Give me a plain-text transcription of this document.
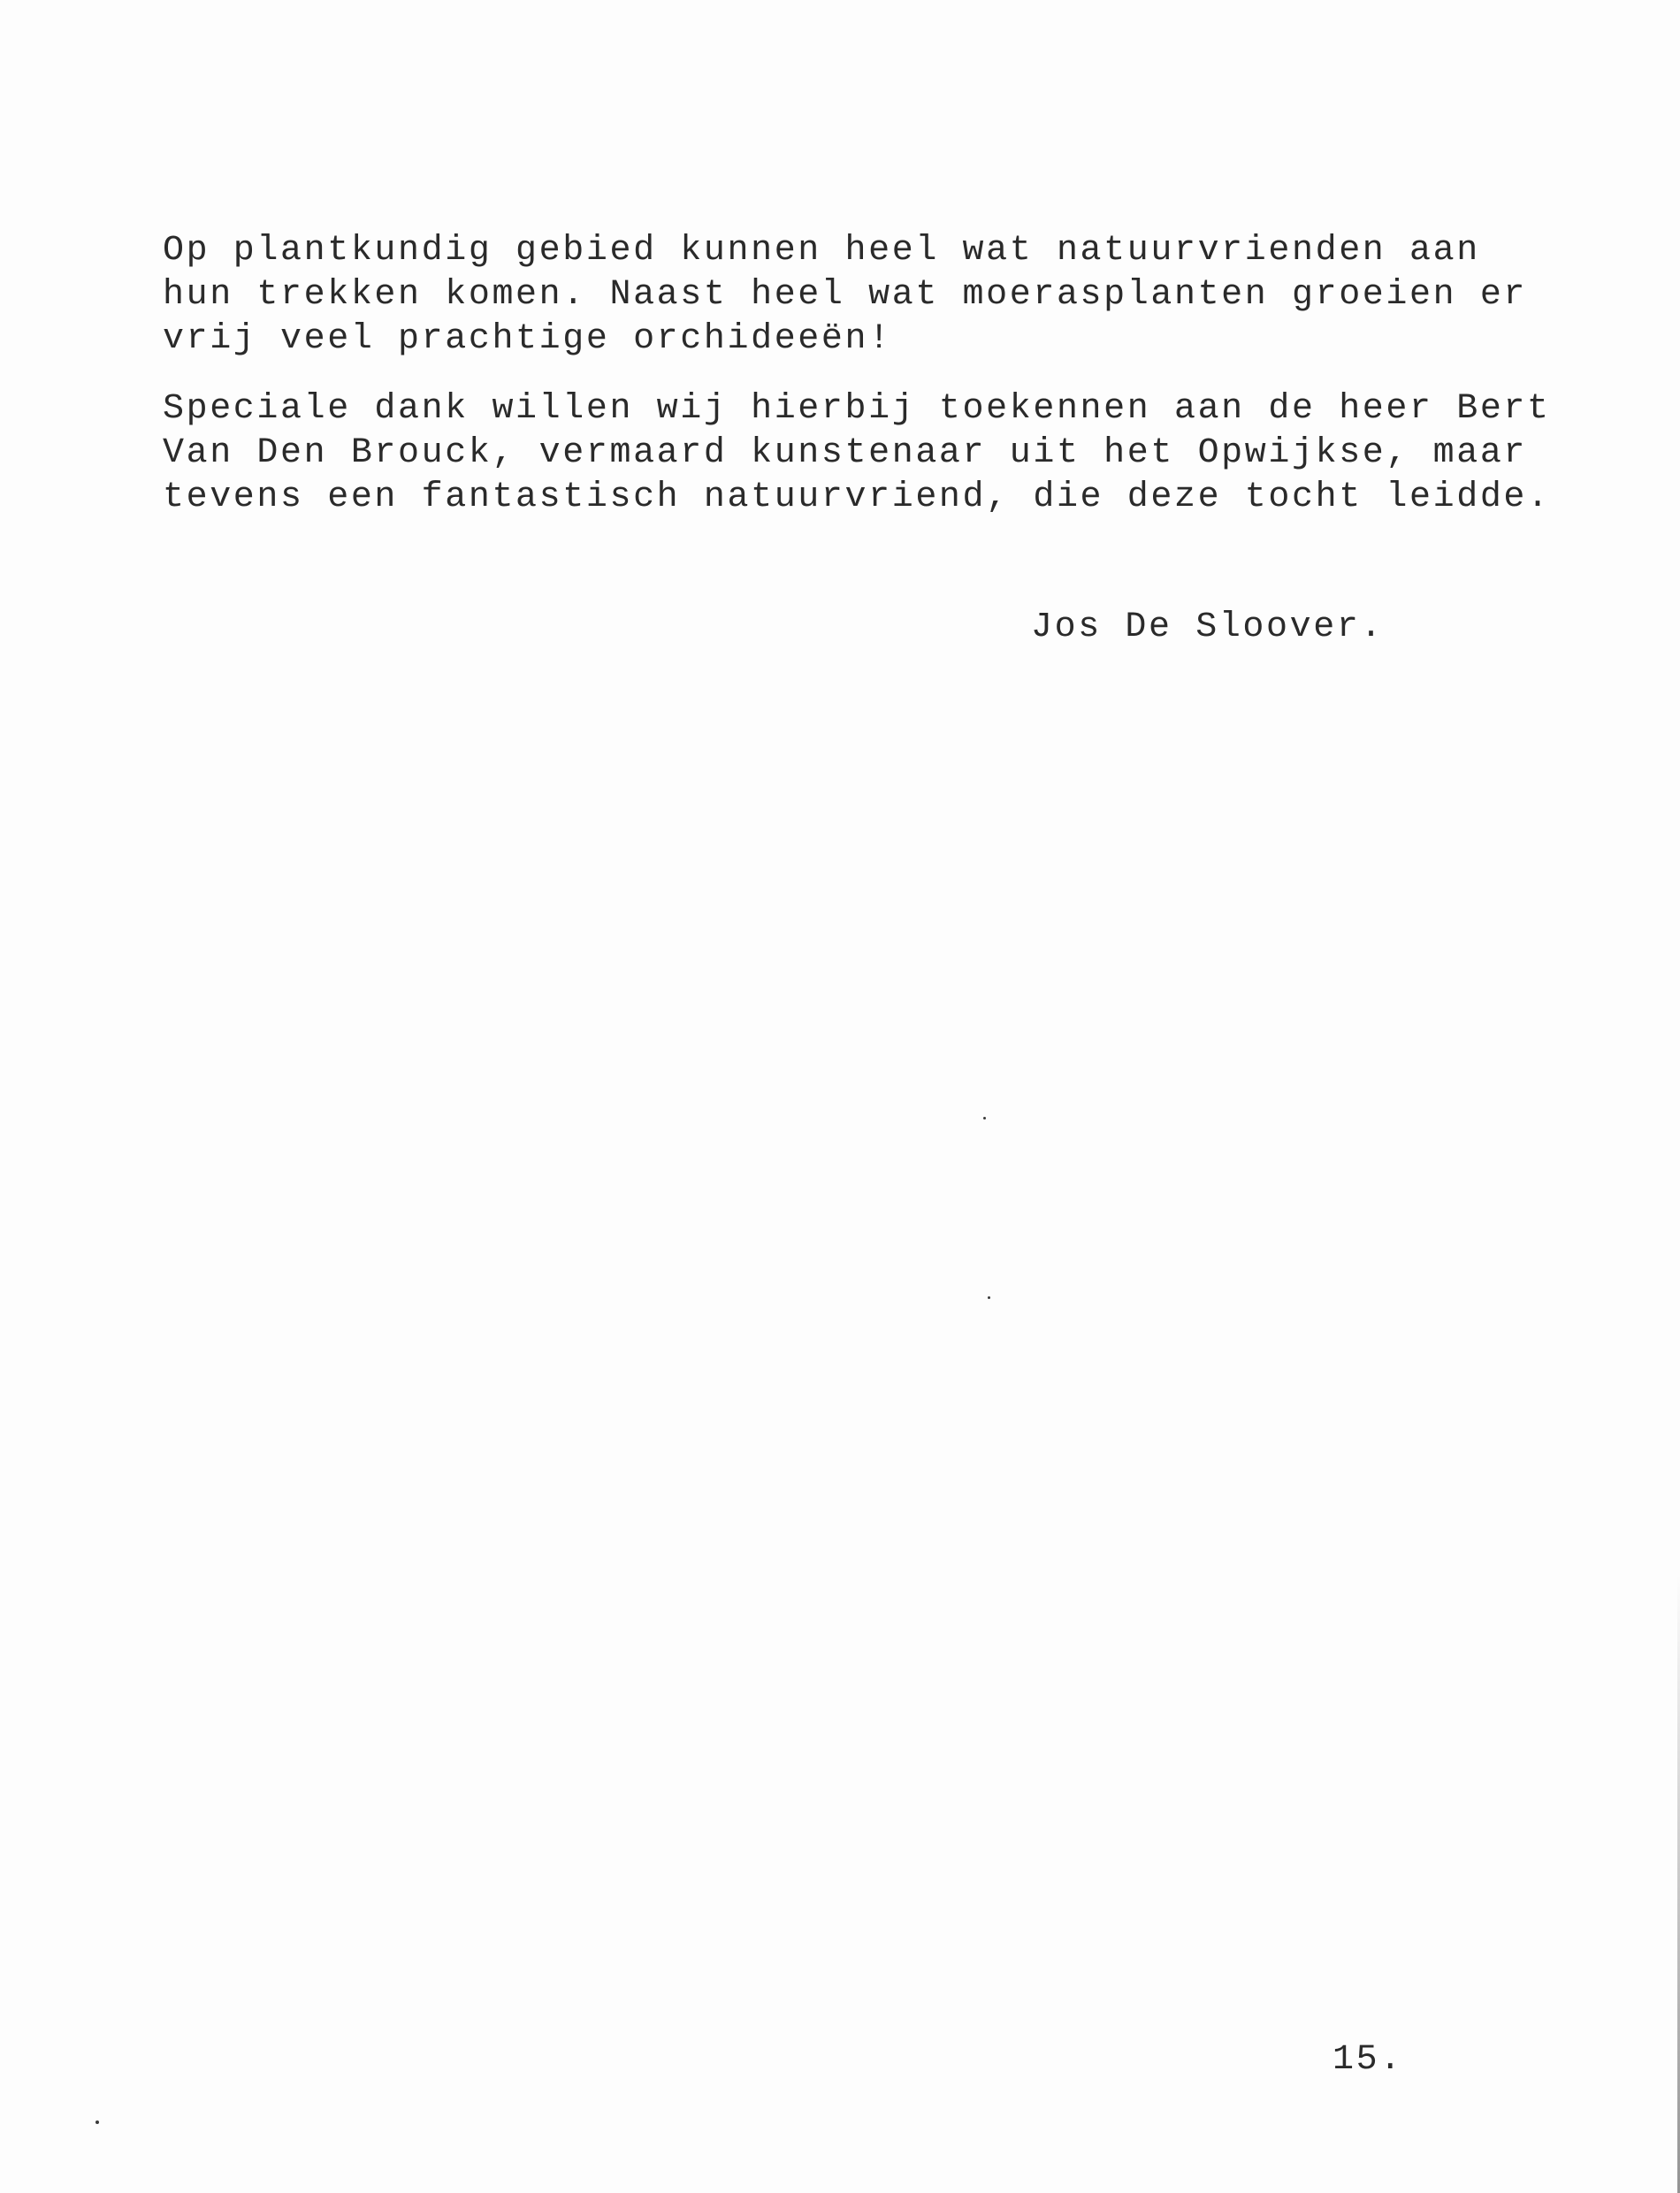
Op plantkundig gebied kunnen heel wat natuurvrienden aan
hun trekken komen. Naast heel wat moerasplanten groeien er
vrij veel prachtige orchideeën!
Speciale dank willen wij hierbij toekennen aan de heer Bert
Van Den Brouck, vermaard kunstenaar uit het Opwijkse, maar
tevens een fantastisch natuurvriend, die deze tocht leidde.

Jos De Sloover.

15.
